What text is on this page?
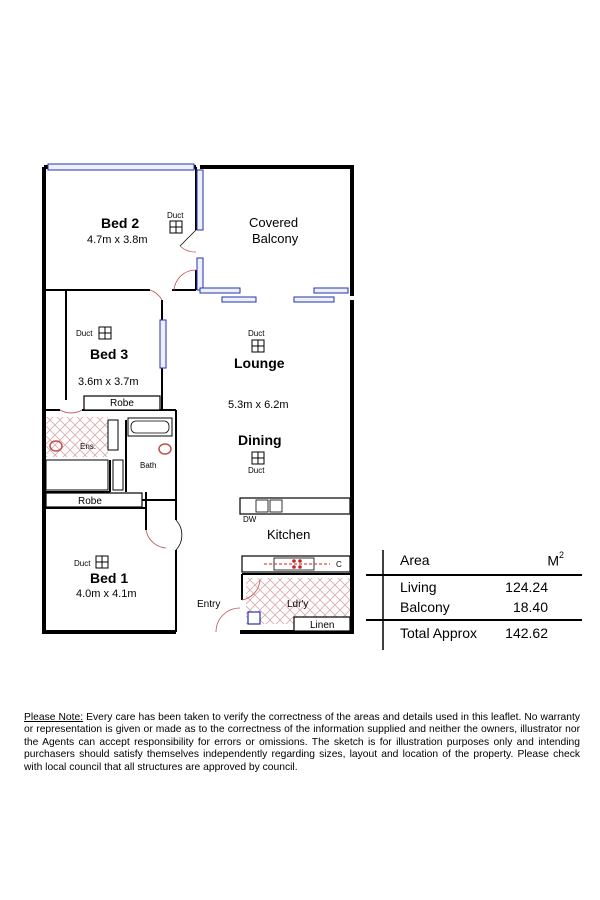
Bed 2
4.7m x 3.8m
Duct	Covered
Balcony
Duct
Bed 3
3.6m x 3.7m
Robe
Duct
Lounge
5.3m x 6.2m
Dining
Duct
Ens.
Bath
Robe
DW
Kitchen
C
Duct
Bed 1
4.0m x 4.1m
Entry	Ldr'y
Linen
Area	$M^2$
Living	124.24
Balcony	18.40
Total Approx 142.62
Please Note: Every care has been taken to verify the correctness of the areas and details used in this leaflet. No warranty or representation is given or made as to the correctness of the information supplied and neither the owners, illustrator nor the Agents can accept responsibility for errors or omissions. The sketch is for illustration purposes only and intending purchasers should satisfy themselves independently regarding sizes, layout and location of the property. Please check with local council that all structures are approved by council.
